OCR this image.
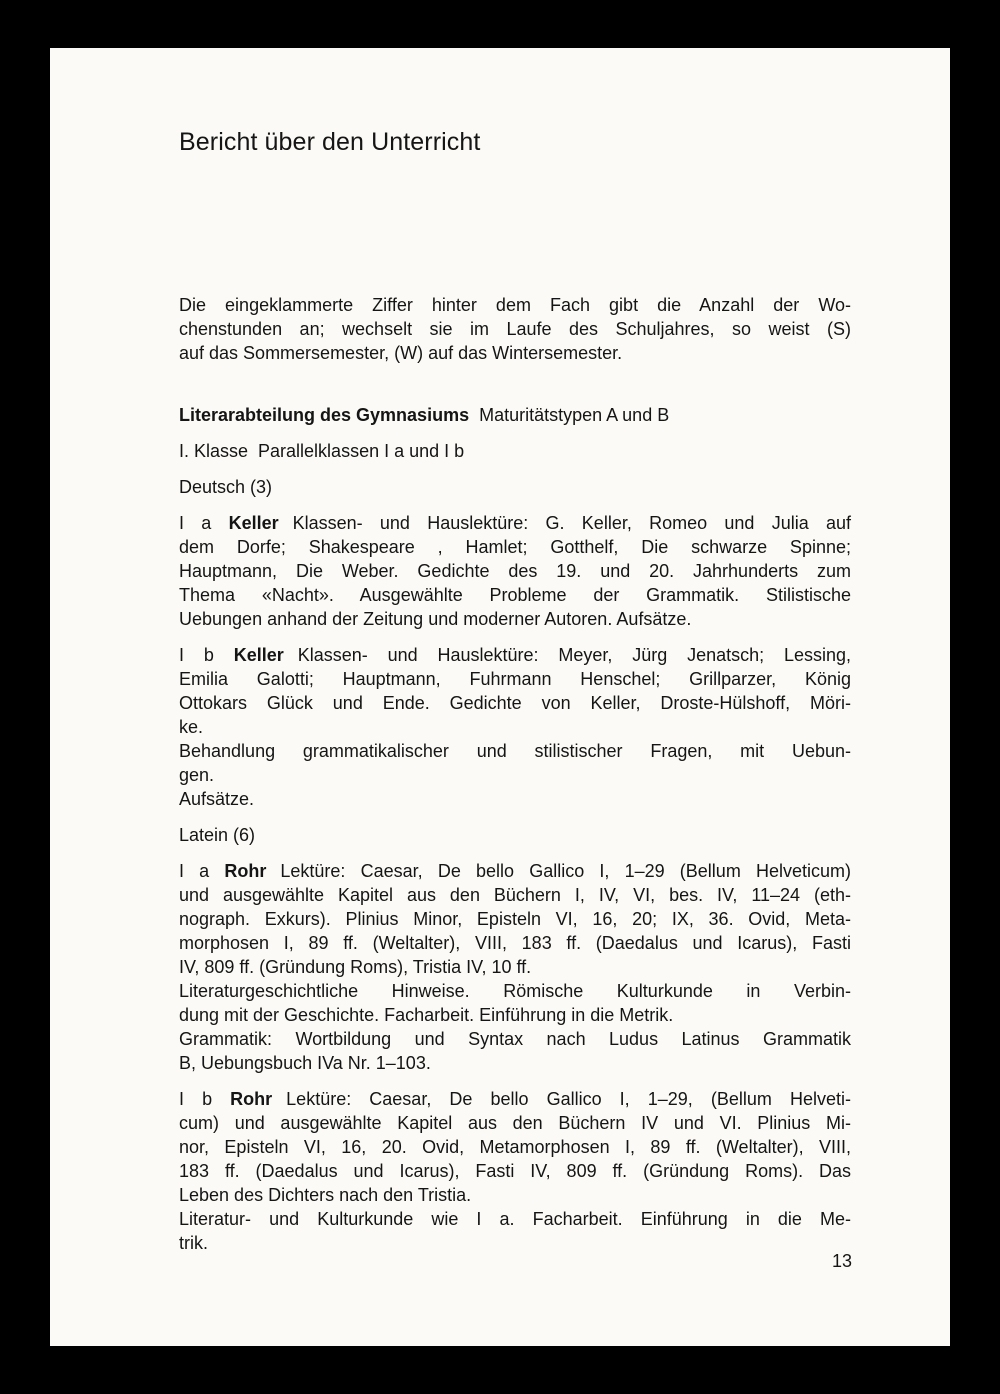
Bericht über den Unterricht
Die eingeklammerte Ziffer hinter dem Fach gibt die Anzahl der Wo-
chenstunden an; wechselt sie im Laufe des Schuljahres, so weist (S)
auf das Sommersemester, (W) auf das Wintersemester.
Literarabteilung des Gymnasiums Maturitätstypen A und B
I. Klasse Parallelklassen I a und I b
Deutsch (3)
I a Keller Klassen- und Hauslektüre: G. Keller, Romeo und Julia auf
dem Dorfe; Shakespeare , Hamlet; Gotthelf, Die schwarze Spinne;
Hauptmann, Die Weber. Gedichte des 19. und 20. Jahrhunderts zum
Thema «Nacht». Ausgewählte Probleme der Grammatik. Stilistische
Uebungen anhand der Zeitung und moderner Autoren. Aufsätze.
I b Keller Klassen- und Hauslektüre: Meyer, Jürg Jenatsch; Lessing,
Emilia Galotti; Hauptmann, Fuhrmann Henschel; Grillparzer, König
Ottokars Glück und Ende. Gedichte von Keller, Droste-Hülshoff, Möri-
ke.
Behandlung grammatikalischer und stilistischer Fragen, mit Uebun-
gen.
Aufsätze.
Latein (6)
I a Rohr Lektüre: Caesar, De bello Gallico I, 1–29 (Bellum Helveticum)
und ausgewählte Kapitel aus den Büchern I, IV, VI, bes. IV, 11–24 (eth-
nograph. Exkurs). Plinius Minor, Episteln VI, 16, 20; IX, 36. Ovid, Meta-
morphosen I, 89 ff. (Weltalter), VIII, 183 ff. (Daedalus und Icarus), Fasti
IV, 809 ff. (Gründung Roms), Tristia IV, 10 ff.
Literaturgeschichtliche Hinweise. Römische Kulturkunde in Verbin-
dung mit der Geschichte. Facharbeit. Einführung in die Metrik.
Grammatik: Wortbildung und Syntax nach Ludus Latinus Grammatik
B, Uebungsbuch IVa Nr. 1–103.
I b Rohr Lektüre: Caesar, De bello Gallico I, 1–29, (Bellum Helveti-
cum) und ausgewählte Kapitel aus den Büchern IV und VI. Plinius Mi-
nor, Episteln VI, 16, 20. Ovid, Metamorphosen I, 89 ff. (Weltalter), VIII,
183 ff. (Daedalus und Icarus), Fasti IV, 809 ff. (Gründung Roms). Das
Leben des Dichters nach den Tristia.
Literatur- und Kulturkunde wie I a. Facharbeit. Einführung in die Me-
trik.
13
